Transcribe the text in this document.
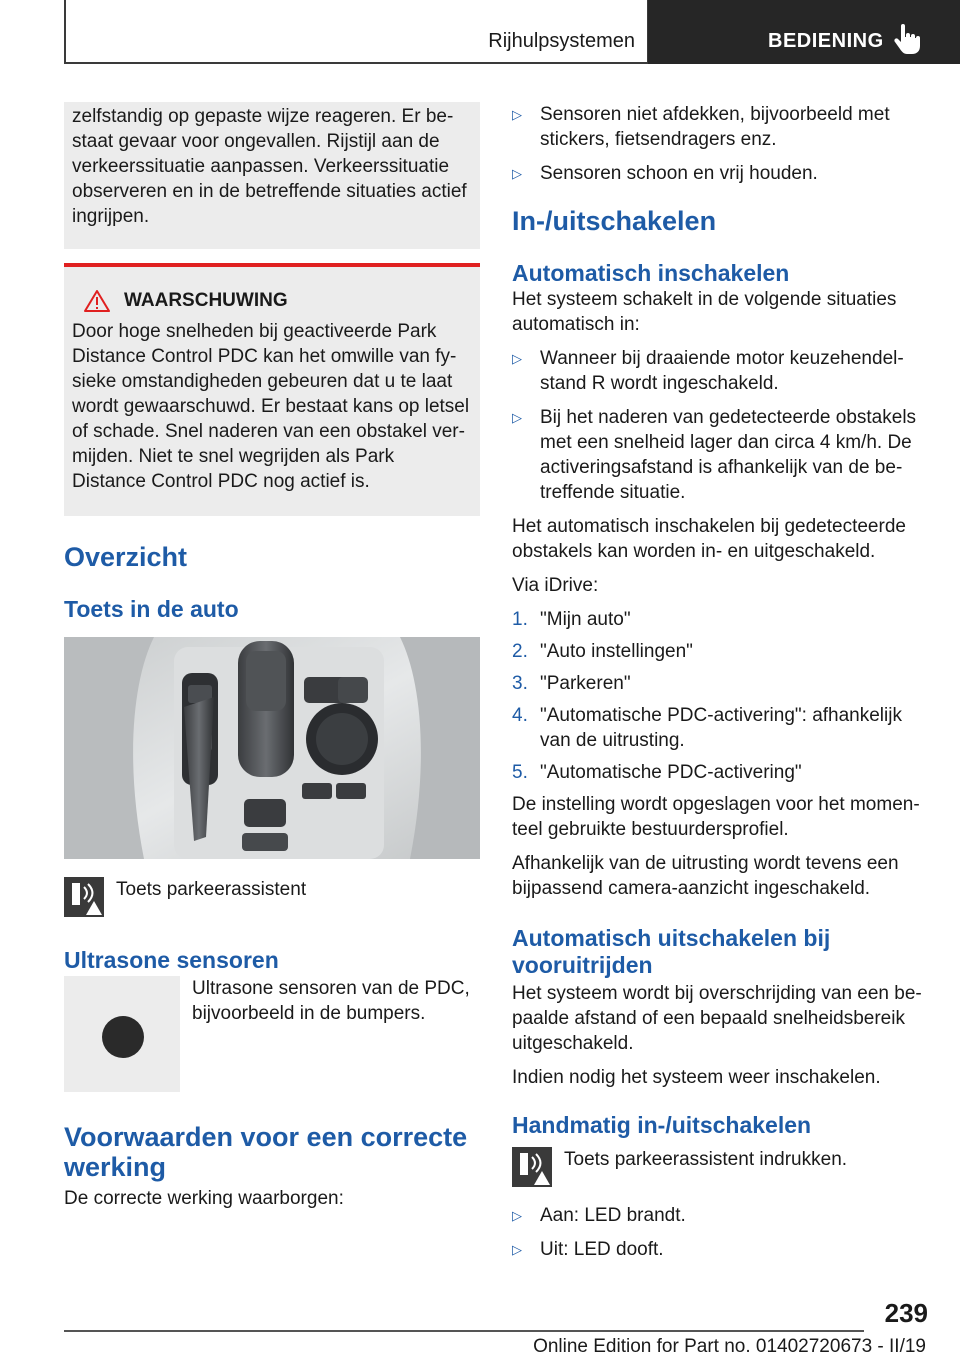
Rijhulpsystemen	BEDIENING

zelfstandig op gepaste wijze reageren. Er bestaat gevaar voor ongevallen. Rijstijl aan de verkeerssituatie aanpassen. Verkeerssituatie observeren en in de betreffende situaties actief ingrijpen.

WAARSCHUWING

Door hoge snelheden bij geactiveerde Park Distance Control PDC kan het omwille van fysieke omstandigheden gebeuren dat u te laat wordt gewaarschuwd. Er bestaat kans op letsel of schade. Snel naderen van een obstakel vermijden. Niet te snel wegrijden als Park Distance Control PDC nog actief is.

Overzicht
Toets in de auto
Toets parkeerassistent
Ultrasone sensoren
Ultrasone sensoren van de PDC, bijvoorbeeld in de bumpers.
Voorwaarden voor een correcte werking

De correcte werking waarborgen:

▷ Sensoren niet afdekken, bijvoorbeeld met stickers, fietsendragers enz.
▷ Sensoren schoon en vrij houden.
In-/uitschakelen
Automatisch inschakelen

Het systeem schakelt in de volgende situaties automatisch in:

▷ Wanneer bij draaiende motor keuzehendelstand R wordt ingeschakeld.
▷ Bij het naderen van gedetecteerde obstakels met een snelheid lager dan circa 4 km/h. De activeringsafstand is afhankelijk van de betreffende situatie.

Het automatisch inschakelen bij gedetecteerde obstakels kan worden in- en uitgeschakeld.

Via iDrive:

1. "Mijn auto"
2. "Auto instellingen"
3. "Parkeren"
4. "Automatische PDC-activering": afhankelijk van de uitrusting.
5. "Automatische PDC-activering"

De instelling wordt opgeslagen voor het momenteel gebruikte bestuurdersprofiel.

Afhankelijk van de uitrusting wordt tevens een bijpassend camera-aanzicht ingeschakeld.

Automatisch uitschakelen bij vooruitrijden

Het systeem wordt bij overschrijding van een bepaalde afstand of een bepaald snelheidsbereik uitgeschakeld.

Indien nodig het systeem weer inschakelen.

Handmatig in-/uitschakelen
Toets parkeerassistent indrukken.
▷ Aan: LED brandt.
▷ Uit: LED dooft.
239
Online Edition for Part no. 01402720673 - II/19
